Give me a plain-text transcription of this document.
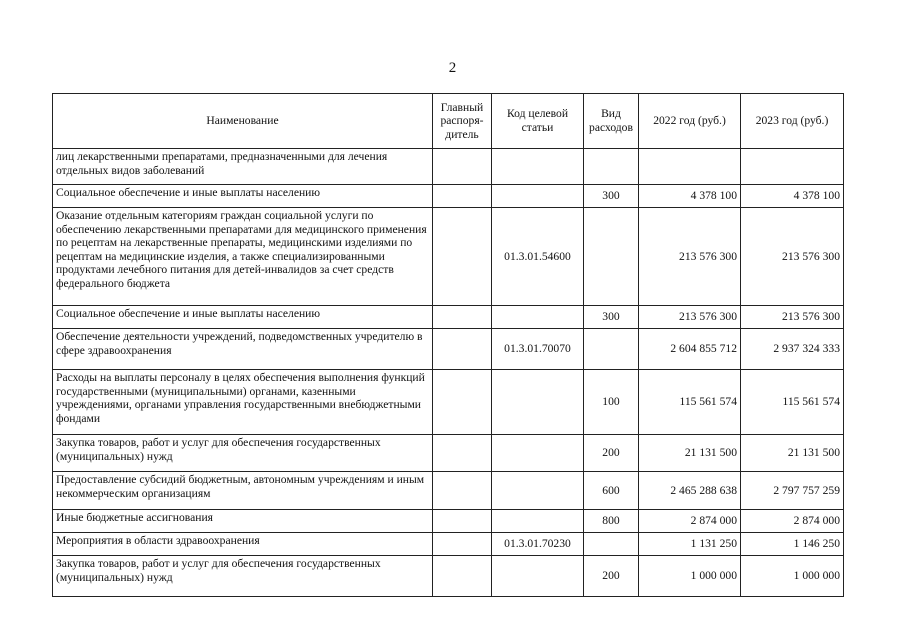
2
Наименование	Главный распоря-дитель	Код целевой статьи	Вид расходов	2022 год (руб.)	2023 год (руб.)
лиц лекарственными препаратами, предназначенными для лечения отдельных видов заболеваний					
Социальное обеспечение и иные выплаты населению			300	4 378 100	4 378 100
Оказание отдельным категориям граждан социальной услуги по обеспечению лекарственными препаратами для медицинского применения по рецептам на лекарственные препараты, медицинскими изделиями по рецептам на медицинские изделия, а также специализированными продуктами лечебного питания для детей-инвалидов за счет средств федерального бюджета		01.3.01.54600		213 576 300	213 576 300
Социальное обеспечение и иные выплаты населению			300	213 576 300	213 576 300
Обеспечение деятельности учреждений, подведомственных учредителю в сфере здравоохранения		01.3.01.70070		2 604 855 712	2 937 324 333
Расходы на выплаты персоналу в целях обеспечения выполнения функций государственными (муниципальными) органами, казенными учреждениями, органами управления государственными внебюджетными фондами			100	115 561 574	115 561 574
Закупка товаров, работ и услуг для обеспечения государственных (муниципальных) нужд			200	21 131 500	21 131 500
Предоставление субсидий бюджетным, автономным учреждениям и иным некоммерческим организациям			600	2 465 288 638	2 797 757 259
Иные бюджетные ассигнования			800	2 874 000	2 874 000
Мероприятия в области здравоохранения		01.3.01.70230		1 131 250	1 146 250
Закупка товаров, работ и услуг для обеспечения государственных (муниципальных) нужд			200	1 000 000	1 000 000
